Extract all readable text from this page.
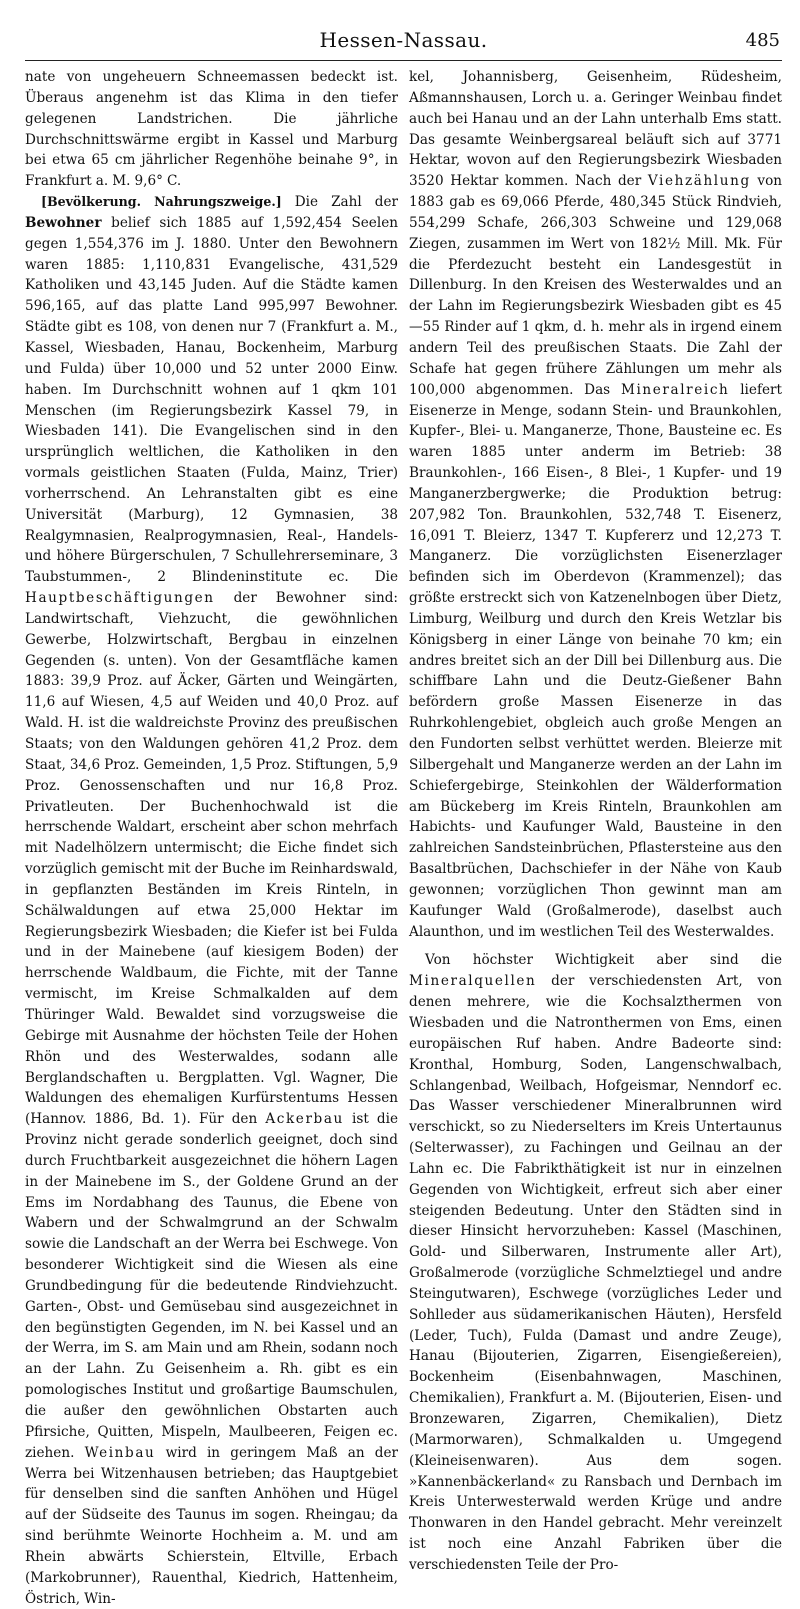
Hessen-Nassau.	485

nate von ungeheuern Schneemassen bedeckt ist. Überaus angenehm ist das Klima in den tiefer gelegenen Landstrichen. Die jährliche Durchschnittswärme ergibt in Kassel und Marburg bei etwa 65 cm jährlicher Regenhöhe beinahe 9°, in Frankfurt a. M. 9,6° C.

[Bevölkerung. Nahrungszweige.] Die Zahl der Bewohner belief sich 1885 auf 1,592,454 Seelen gegen 1,554,376 im J. 1880. Unter den Bewohnern waren 1885: 1,110,831 Evangelische, 431,529 Katholiken und 43,145 Juden. Auf die Städte kamen 596,165, auf das platte Land 995,997 Bewohner. Städte gibt es 108, von denen nur 7 (Frankfurt a. M., Kassel, Wiesbaden, Hanau, Bockenheim, Marburg und Fulda) über 10,000 und 52 unter 2000 Einw. haben. Im Durchschnitt wohnen auf 1 qkm 101 Menschen (im Regierungsbezirk Kassel 79, in Wiesbaden 141). Die Evangelischen sind in den ursprünglich weltlichen, die Katholiken in den vormals geistlichen Staaten (Fulda, Mainz, Trier) vorherrschend. An Lehranstalten gibt es eine Universität (Marburg), 12 Gymnasien, 38 Realgymnasien, Realprogymnasien, Real-, Handels- und höhere Bürgerschulen, 7 Schullehrerseminare, 3 Taubstummen-, 2 Blindeninstitute ec. Die Hauptbeschäftigungen der Bewohner sind: Landwirtschaft, Viehzucht, die gewöhnlichen Gewerbe, Holzwirtschaft, Bergbau in einzelnen Gegenden (s. unten). Von der Gesamtfläche kamen 1883: 39,9 Proz. auf Äcker, Gärten und Weingärten, 11,6 auf Wiesen, 4,5 auf Weiden und 40,0 Proz. auf Wald. H. ist die waldreichste Provinz des preußischen Staats; von den Waldungen gehören 41,2 Proz. dem Staat, 34,6 Proz. Gemeinden, 1,5 Proz. Stiftungen, 5,9 Proz. Genossenschaften und nur 16,8 Proz. Privatleuten. Der Buchenhochwald ist die herrschende Waldart, erscheint aber schon mehrfach mit Nadelhölzern untermischt; die Eiche findet sich vorzüglich gemischt mit der Buche im Reinhardswald, in gepflanzten Beständen im Kreis Rinteln, in Schälwaldungen auf etwa 25,000 Hektar im Regierungsbezirk Wiesbaden; die Kiefer ist bei Fulda und in der Mainebene (auf kiesigem Boden) der herrschende Waldbaum, die Fichte, mit der Tanne vermischt, im Kreise Schmalkalden auf dem Thüringer Wald. Bewaldet sind vorzugsweise die Gebirge mit Ausnahme der höchsten Teile der Hohen Rhön und des Westerwaldes, sodann alle Berglandschaften u. Bergplatten. Vgl. Wagner, Die Waldungen des ehemaligen Kurfürstentums Hessen (Hannov. 1886, Bd. 1). Für den Ackerbau ist die Provinz nicht gerade sonderlich geeignet, doch sind durch Fruchtbarkeit ausgezeichnet die höhern Lagen in der Mainebene im S., der Goldene Grund an der Ems im Nordabhang des Taunus, die Ebene von Wabern und der Schwalmgrund an der Schwalm sowie die Landschaft an der Werra bei Eschwege. Von besonderer Wichtigkeit sind die Wiesen als eine Grundbedingung für die bedeutende Rindviehzucht. Garten-, Obst- und Gemüsebau sind ausgezeichnet in den begünstigten Gegenden, im N. bei Kassel und an der Werra, im S. am Main und am Rhein, sodann noch an der Lahn. Zu Geisenheim a. Rh. gibt es ein pomologisches Institut und großartige Baumschulen, die außer den gewöhnlichen Obstarten auch Pfirsiche, Quitten, Mispeln, Maulbeeren, Feigen ec. ziehen. Weinbau wird in geringem Maß an der Werra bei Witzenhausen betrieben; das Hauptgebiet für denselben sind die sanften Anhöhen und Hügel auf der Südseite des Taunus im sogen. Rheingau; da sind berühmte Weinorte Hochheim a. M. und am Rhein abwärts Schierstein, Eltville, Erbach (Markobrunner), Rauenthal, Kiedrich, Hattenheim, Östrich, Win-

kel, Johannisberg, Geisenheim, Rüdesheim, Aßmannshausen, Lorch u. a. Geringer Weinbau findet auch bei Hanau und an der Lahn unterhalb Ems statt. Das gesamte Weinbergsareal beläuft sich auf 3771 Hektar, wovon auf den Regierungsbezirk Wiesbaden 3520 Hektar kommen. Nach der Viehzählung von 1883 gab es 69,066 Pferde, 480,345 Stück Rindvieh, 554,299 Schafe, 266,303 Schweine und 129,068 Ziegen, zusammen im Wert von 182½ Mill. Mk. Für die Pferdezucht besteht ein Landesgestüt in Dillenburg. In den Kreisen des Westerwaldes und an der Lahn im Regierungsbezirk Wiesbaden gibt es 45—55 Rinder auf 1 qkm, d. h. mehr als in irgend einem andern Teil des preußischen Staats. Die Zahl der Schafe hat gegen frühere Zählungen um mehr als 100,000 abgenommen. Das Mineralreich liefert Eisenerze in Menge, sodann Stein- und Braunkohlen, Kupfer-, Blei- u. Manganerze, Thone, Bausteine ec. Es waren 1885 unter anderm im Betrieb: 38 Braunkohlen-, 166 Eisen-, 8 Blei-, 1 Kupfer- und 19 Manganerzbergwerke; die Produktion betrug: 207,982 Ton. Braunkohlen, 532,748 T. Eisenerz, 16,091 T. Bleierz, 1347 T. Kupfererz und 12,273 T. Manganerz. Die vorzüglichsten Eisenerzlager befinden sich im Oberdevon (Krammenzel); das größte erstreckt sich von Katzenelnbogen über Dietz, Limburg, Weilburg und durch den Kreis Wetzlar bis Königsberg in einer Länge von beinahe 70 km; ein andres breitet sich an der Dill bei Dillenburg aus. Die schiffbare Lahn und die Deutz-Gießener Bahn befördern große Massen Eisenerze in das Ruhrkohlengebiet, obgleich auch große Mengen an den Fundorten selbst verhüttet werden. Bleierze mit Silbergehalt und Manganerze werden an der Lahn im Schiefergebirge, Steinkohlen der Wälderformation am Bückeberg im Kreis Rinteln, Braunkohlen am Habichts- und Kaufunger Wald, Bausteine in den zahlreichen Sandsteinbrüchen, Pflastersteine aus den Basaltbrüchen, Dachschiefer in der Nähe von Kaub gewonnen; vorzüglichen Thon gewinnt man am Kaufunger Wald (Großalmerode), daselbst auch Alaunthon, und im westlichen Teil des Westerwaldes.

Von höchster Wichtigkeit aber sind die Mineralquellen der verschiedensten Art, von denen mehrere, wie die Kochsalzthermen von Wiesbaden und die Natronthermen von Ems, einen europäischen Ruf haben. Andre Badeorte sind: Kronthal, Homburg, Soden, Langenschwalbach, Schlangenbad, Weilbach, Hofgeismar, Nenndorf ec. Das Wasser verschiedener Mineralbrunnen wird verschickt, so zu Niederselters im Kreis Untertaunus (Selterwasser), zu Fachingen und Geilnau an der Lahn ec. Die Fabrikthätigkeit ist nur in einzelnen Gegenden von Wichtigkeit, erfreut sich aber einer steigenden Bedeutung. Unter den Städten sind in dieser Hinsicht hervorzuheben: Kassel (Maschinen, Gold- und Silberwaren, Instrumente aller Art), Großalmerode (vorzügliche Schmelztiegel und andre Steingutwaren), Eschwege (vorzügliches Leder und Sohlleder aus südamerikanischen Häuten), Hersfeld (Leder, Tuch), Fulda (Damast und andre Zeuge), Hanau (Bijouterien, Zigarren, Eisengießereien), Bockenheim (Eisenbahnwagen, Maschinen, Chemikalien), Frankfurt a. M. (Bijouterien, Eisen- und Bronzewaren, Zigarren, Chemikalien), Dietz (Marmorwaren), Schmalkalden u. Umgegend (Kleineisenwaren). Aus dem sogen. »Kannenbäckerland« zu Ransbach und Dernbach im Kreis Unterwesterwald werden Krüge und andre Thonwaren in den Handel gebracht. Mehr vereinzelt ist noch eine Anzahl Fabriken über die verschiedensten Teile der Pro-
